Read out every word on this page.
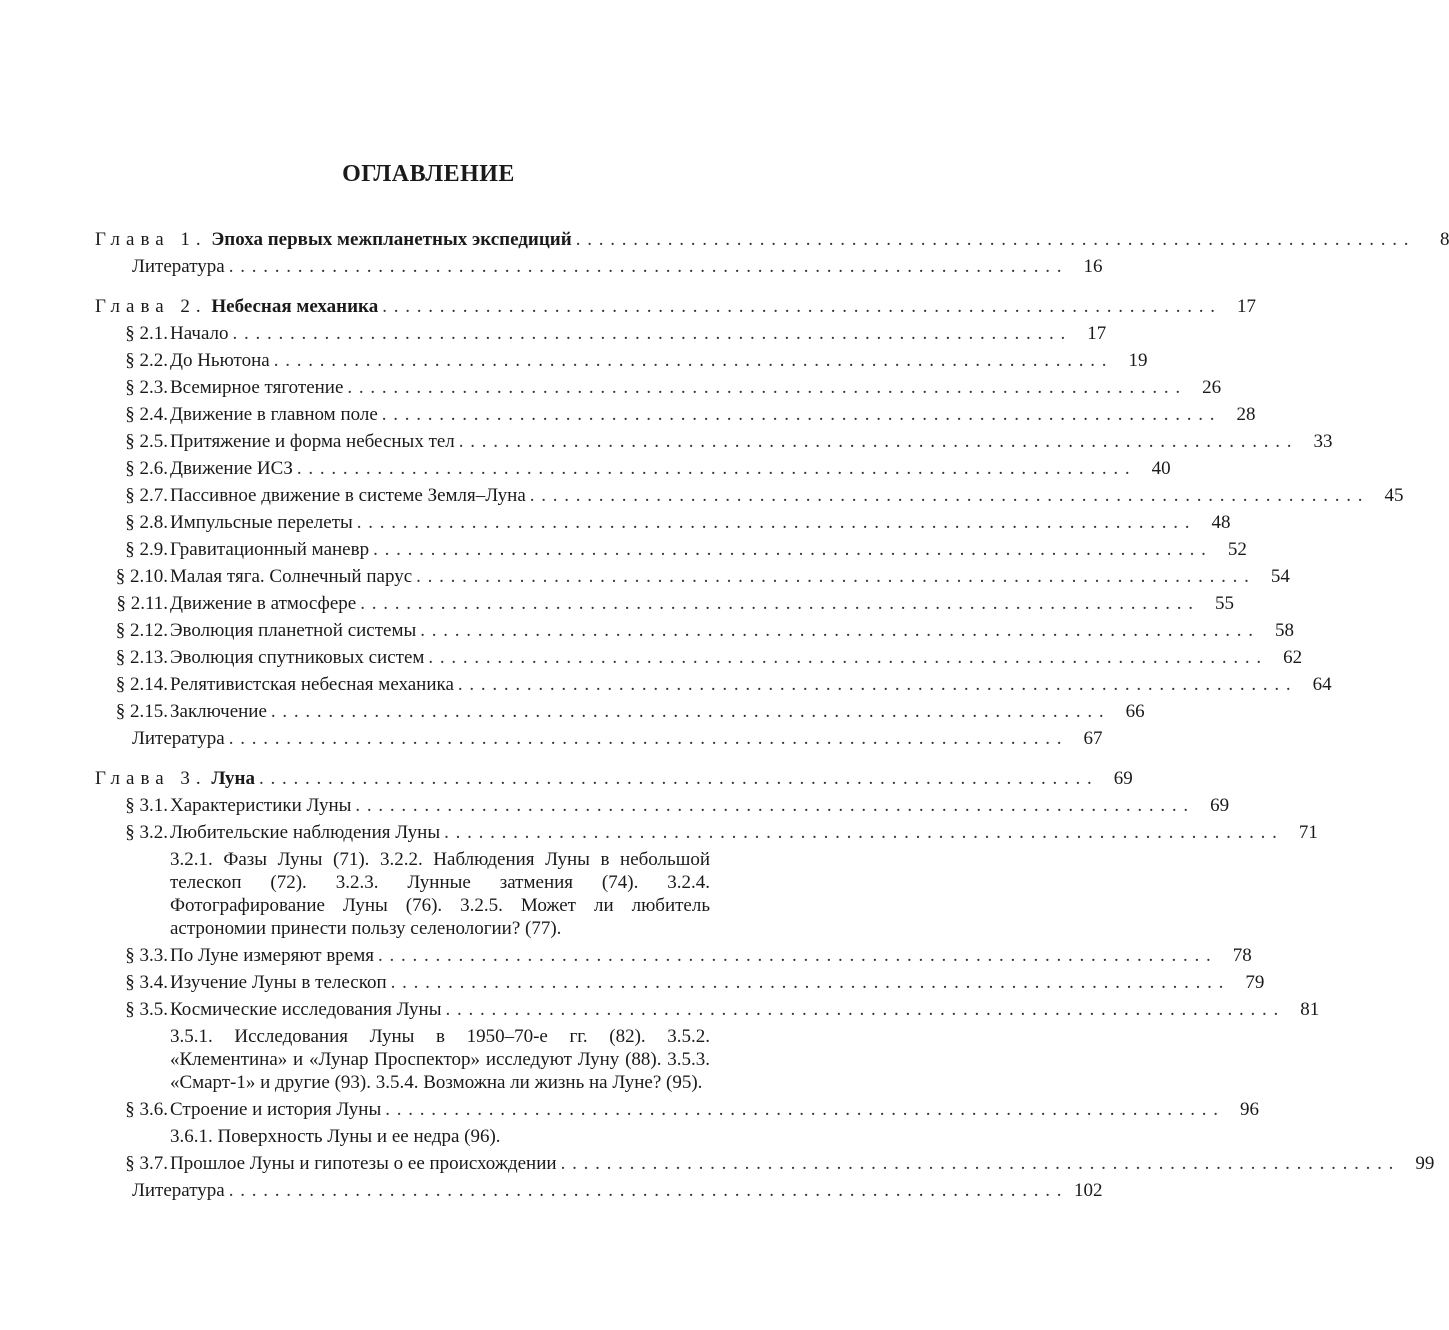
ОГЛАВЛЕНИЕ
Глава 1. Эпоха первых межпланетных экспедиций . . . . . . . . . . . . . . . . . . . . . . . . . . . . . . . . . . . . . . . . . . . . . . . . . . . . . . . . . . . . . . . . . . . . . . . . .	8
Литература . . . . . . . . . . . . . . . . . . . . . . . . . . . . . . . . . . . . . . . . . . . . . . . . . . . . . . . . . . . . . . . . . . . . . . . . .	16
Глава 2. Небесная механика . . . . . . . . . . . . . . . . . . . . . . . . . . . . . . . . . . . . . . . . . . . . . . . . . . . . . . . . . . . . . . . . . . . . . . . . .	17
§ 2.1. Начало . . . . . . . . . . . . . . . . . . . . . . . . . . . . . . . . . . . . . . . . . . . . . . . . . . . . . . . . . . . . . . . . . . . . . . . . .	17
§ 2.2. До Ньютона . . . . . . . . . . . . . . . . . . . . . . . . . . . . . . . . . . . . . . . . . . . . . . . . . . . . . . . . . . . . . . . . . . . . . . . . .	19
§ 2.3. Всемирное тяготение . . . . . . . . . . . . . . . . . . . . . . . . . . . . . . . . . . . . . . . . . . . . . . . . . . . . . . . . . . . . . . . . . . . . . . . . .	26
§ 2.4. Движение в главном поле . . . . . . . . . . . . . . . . . . . . . . . . . . . . . . . . . . . . . . . . . . . . . . . . . . . . . . . . . . . . . . . . . . . . . . . . .	28
§ 2.5. Притяжение и форма небесных тел . . . . . . . . . . . . . . . . . . . . . . . . . . . . . . . . . . . . . . . . . . . . . . . . . . . . . . . . . . . . . . . . . . . . . . . . .	33
§ 2.6. Движение ИСЗ . . . . . . . . . . . . . . . . . . . . . . . . . . . . . . . . . . . . . . . . . . . . . . . . . . . . . . . . . . . . . . . . . . . . . . . . .	40
§ 2.7. Пассивное движение в системе Земля–Луна . . . . . . . . . . . . . . . . . . . . . . . . . . . . . . . . . . . . . . . . . . . . . . . . . . . . . . . . . . . . . . . . . . . . . . . . .	45
§ 2.8. Импульсные перелеты . . . . . . . . . . . . . . . . . . . . . . . . . . . . . . . . . . . . . . . . . . . . . . . . . . . . . . . . . . . . . . . . . . . . . . . . .	48
§ 2.9. Гравитационный маневр . . . . . . . . . . . . . . . . . . . . . . . . . . . . . . . . . . . . . . . . . . . . . . . . . . . . . . . . . . . . . . . . . . . . . . . . .	52
§ 2.10. Малая тяга. Солнечный парус . . . . . . . . . . . . . . . . . . . . . . . . . . . . . . . . . . . . . . . . . . . . . . . . . . . . . . . . . . . . . . . . . . . . . . . . .	54
§ 2.11. Движение в атмосфере . . . . . . . . . . . . . . . . . . . . . . . . . . . . . . . . . . . . . . . . . . . . . . . . . . . . . . . . . . . . . . . . . . . . . . . . .	55
§ 2.12. Эволюция планетной системы . . . . . . . . . . . . . . . . . . . . . . . . . . . . . . . . . . . . . . . . . . . . . . . . . . . . . . . . . . . . . . . . . . . . . . . . .	58
§ 2.13. Эволюция спутниковых систем . . . . . . . . . . . . . . . . . . . . . . . . . . . . . . . . . . . . . . . . . . . . . . . . . . . . . . . . . . . . . . . . . . . . . . . . .	62
§ 2.14. Релятивистская небесная механика . . . . . . . . . . . . . . . . . . . . . . . . . . . . . . . . . . . . . . . . . . . . . . . . . . . . . . . . . . . . . . . . . . . . . . . . .	64
§ 2.15. Заключение . . . . . . . . . . . . . . . . . . . . . . . . . . . . . . . . . . . . . . . . . . . . . . . . . . . . . . . . . . . . . . . . . . . . . . . . .	66
Литература . . . . . . . . . . . . . . . . . . . . . . . . . . . . . . . . . . . . . . . . . . . . . . . . . . . . . . . . . . . . . . . . . . . . . . . . .	67
Глава 3. Луна . . . . . . . . . . . . . . . . . . . . . . . . . . . . . . . . . . . . . . . . . . . . . . . . . . . . . . . . . . . . . . . . . . . . . . . . .	69
§ 3.1. Характеристики Луны . . . . . . . . . . . . . . . . . . . . . . . . . . . . . . . . . . . . . . . . . . . . . . . . . . . . . . . . . . . . . . . . . . . . . . . . .	69
§ 3.2. Любительские наблюдения Луны . . . . . . . . . . . . . . . . . . . . . . . . . . . . . . . . . . . . . . . . . . . . . . . . . . . . . . . . . . . . . . . . . . . . . . . . .	71

3.2.1. Фазы Луны (71). 3.2.2. Наблюдения Луны в небольшой телескоп (72). 3.2.3. Лунные затмения (74). 3.2.4. Фотографирование Луны (76). 3.2.5. Может ли любитель астрономии принести пользу селенологии? (77).

§ 3.3. По Луне измеряют время . . . . . . . . . . . . . . . . . . . . . . . . . . . . . . . . . . . . . . . . . . . . . . . . . . . . . . . . . . . . . . . . . . . . . . . . .	78
§ 3.4. Изучение Луны в телескоп . . . . . . . . . . . . . . . . . . . . . . . . . . . . . . . . . . . . . . . . . . . . . . . . . . . . . . . . . . . . . . . . . . . . . . . . .	79
§ 3.5. Космические исследования Луны . . . . . . . . . . . . . . . . . . . . . . . . . . . . . . . . . . . . . . . . . . . . . . . . . . . . . . . . . . . . . . . . . . . . . . . . .	81

3.5.1. Исследования Луны в 1950–70-е гг. (82). 3.5.2. «Клементина» и «Лунар Проспектор» исследуют Луну (88). 3.5.3. «Смарт-1» и другие (93). 3.5.4. Возможна ли жизнь на Луне? (95).

§ 3.6. Строение и история Луны . . . . . . . . . . . . . . . . . . . . . . . . . . . . . . . . . . . . . . . . . . . . . . . . . . . . . . . . . . . . . . . . . . . . . . . . .	96

3.6.1. Поверхность Луны и ее недра (96).

§ 3.7. Прошлое Луны и гипотезы о ее происхождении . . . . . . . . . . . . . . . . . . . . . . . . . . . . . . . . . . . . . . . . . . . . . . . . . . . . . . . . . . . . . . . . . . . . . . . . .	99
Литература . . . . . . . . . . . . . . . . . . . . . . . . . . . . . . . . . . . . . . . . . . . . . . . . . . . . . . . . . . . . . . . . . . . . . . . . . 102
